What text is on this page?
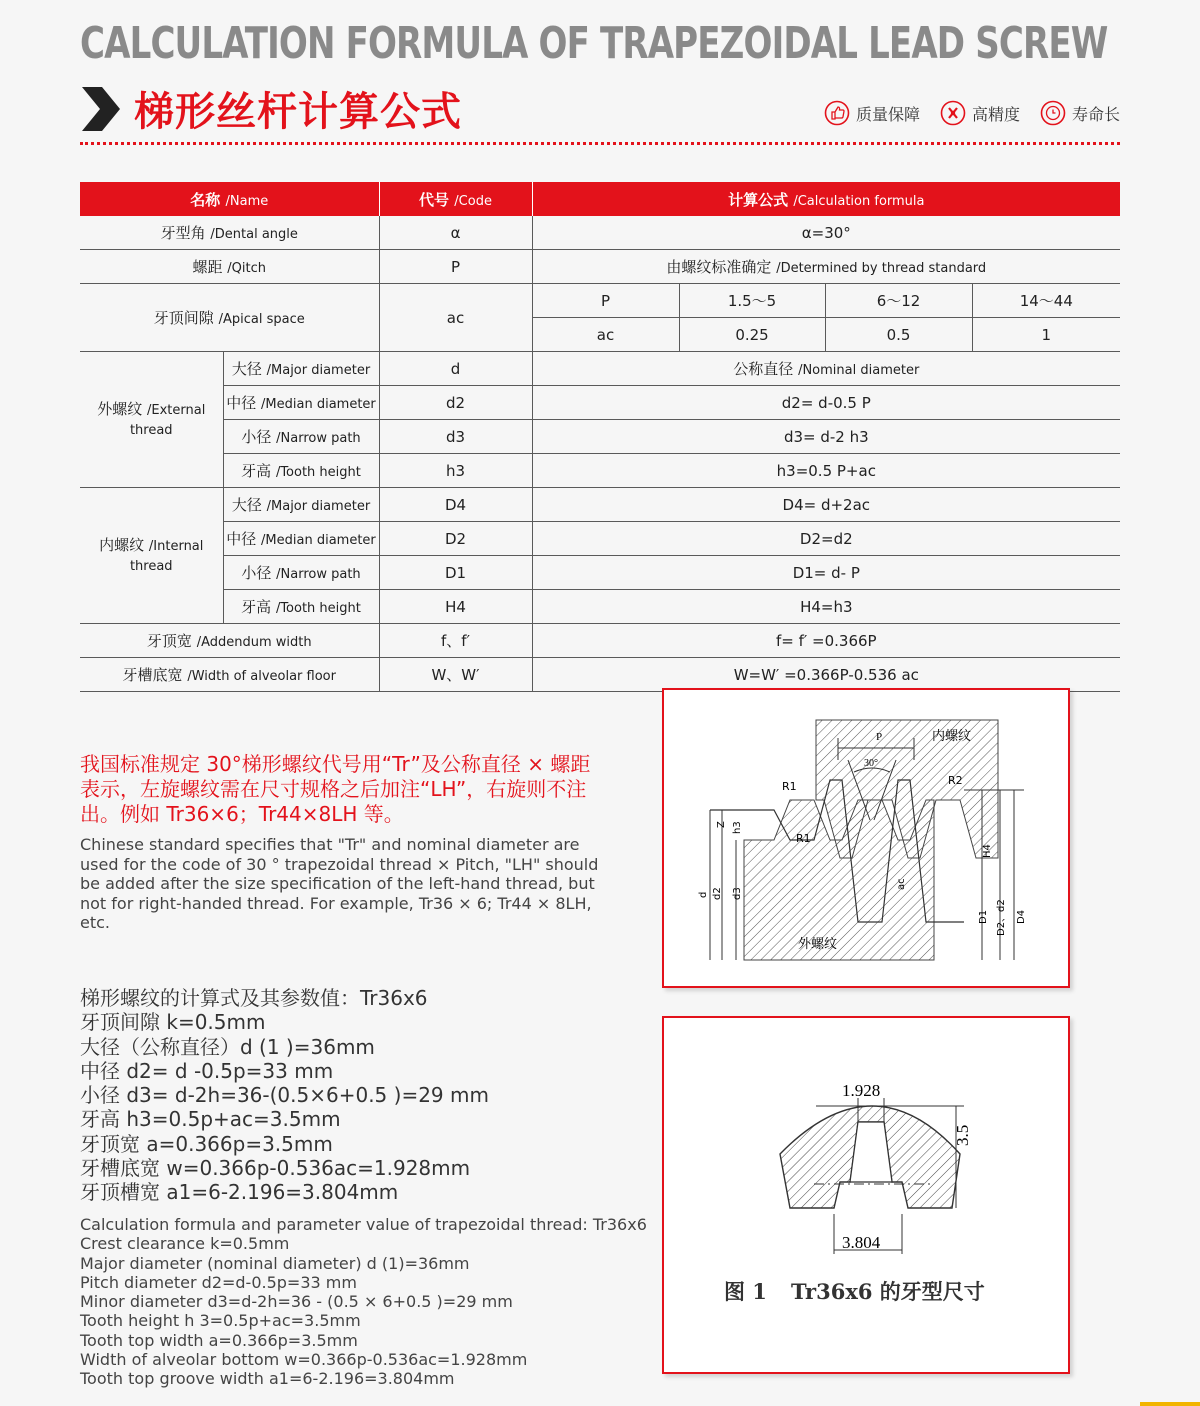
CALCULATION FORMULA OF TRAPEZOIDAL LEAD SCREW
梯形丝杆计算公式	质量保障	高精度	寿命长
名称 /Name		代号 /Code	计算公式 /Calculation formula			
牙型角 /Dental angle		α	α=30°			
螺距 /Qitch		P	由螺纹标准确定 /Determined by thread standard			
牙顶间隙 /Apical space		ac	P	1.5～5	6～12	14～44
			ac	0.25	0.5	1
外螺纹 /External
thread	大径 /Major diameter	d	公称直径 /Nominal diameter			
	中径 /Median diameter	d2	d2= d-0.5 P			
	小径 /Narrow path	d3	d3= d-2 h3			
	牙高 /Tooth height	h3	h3=0.5 P+ac			
内螺纹 /Internal
thread	大径 /Major diameter	D4	D4= d+2ac			
	中径 /Median diameter	D2	D2=d2			
	小径 /Narrow path	D1	D1= d- P			
	牙高 /Tooth height	H4	H4=h3			
牙顶宽 /Addendum width		f、f′	f= f′ =0.366P			
牙槽底宽 /Width of alveolar floor		W、W′	W=W′ =0.366P-0.536 ac			
我国标准规定 30°梯形螺纹代号用“Tr”及公称直径 × 螺距表示，左旋螺纹需在尺寸规格之后加注“LH”，右旋则不注出。例如 Tr36×6；Tr44×8LH 等。
Chinese standard specifies that "Tr" and nominal diameter are used for the code of 30 ° trapezoidal thread × Pitch, "LH" should be added after the size specification of the left-hand thread, but not for right-handed thread. For example, Tr36 × 6; Tr44 × 8LH, etc.
梯形螺纹的计算式及其参数值：Tr36x6
牙顶间隙 k=0.5mm
大径（公称直径）d (1 )=36mm
中径 d2= d -0.5p=33 mm
小径 d3= d-2h=36-(0.5×6+0.5 )=29 mm
牙高 h3=0.5p+ac=3.5mm
牙顶宽 a=0.366p=3.5mm
牙槽底宽 w=0.366p-0.536ac=1.928mm
牙顶槽宽 a1=6-2.196=3.804mm
Calculation formula and parameter value of trapezoidal thread: Tr36x6
Crest clearance k=0.5mm
Major diameter (nominal diameter) d (1)=36mm
Pitch diameter d2=d-0.5p=33 mm
Minor diameter d3=d-2h=36 - (0.5 × 6+0.5 )=29 mm
Tooth height h 3=0.5p+ac=3.5mm
Tooth top width a=0.366p=3.5mm
Width of alveolar bottom w=0.366p-0.536ac=1.928mm
Tooth top groove width a1=6-2.196=3.804mm
P
30°
内螺纹
外螺纹
R1
R1
R2
Z h3
ac
H4
d d2 d3
D1 D2、d2 D4
1.928
3.5
3.804
图 1 Tr36x6 的牙型尺寸
